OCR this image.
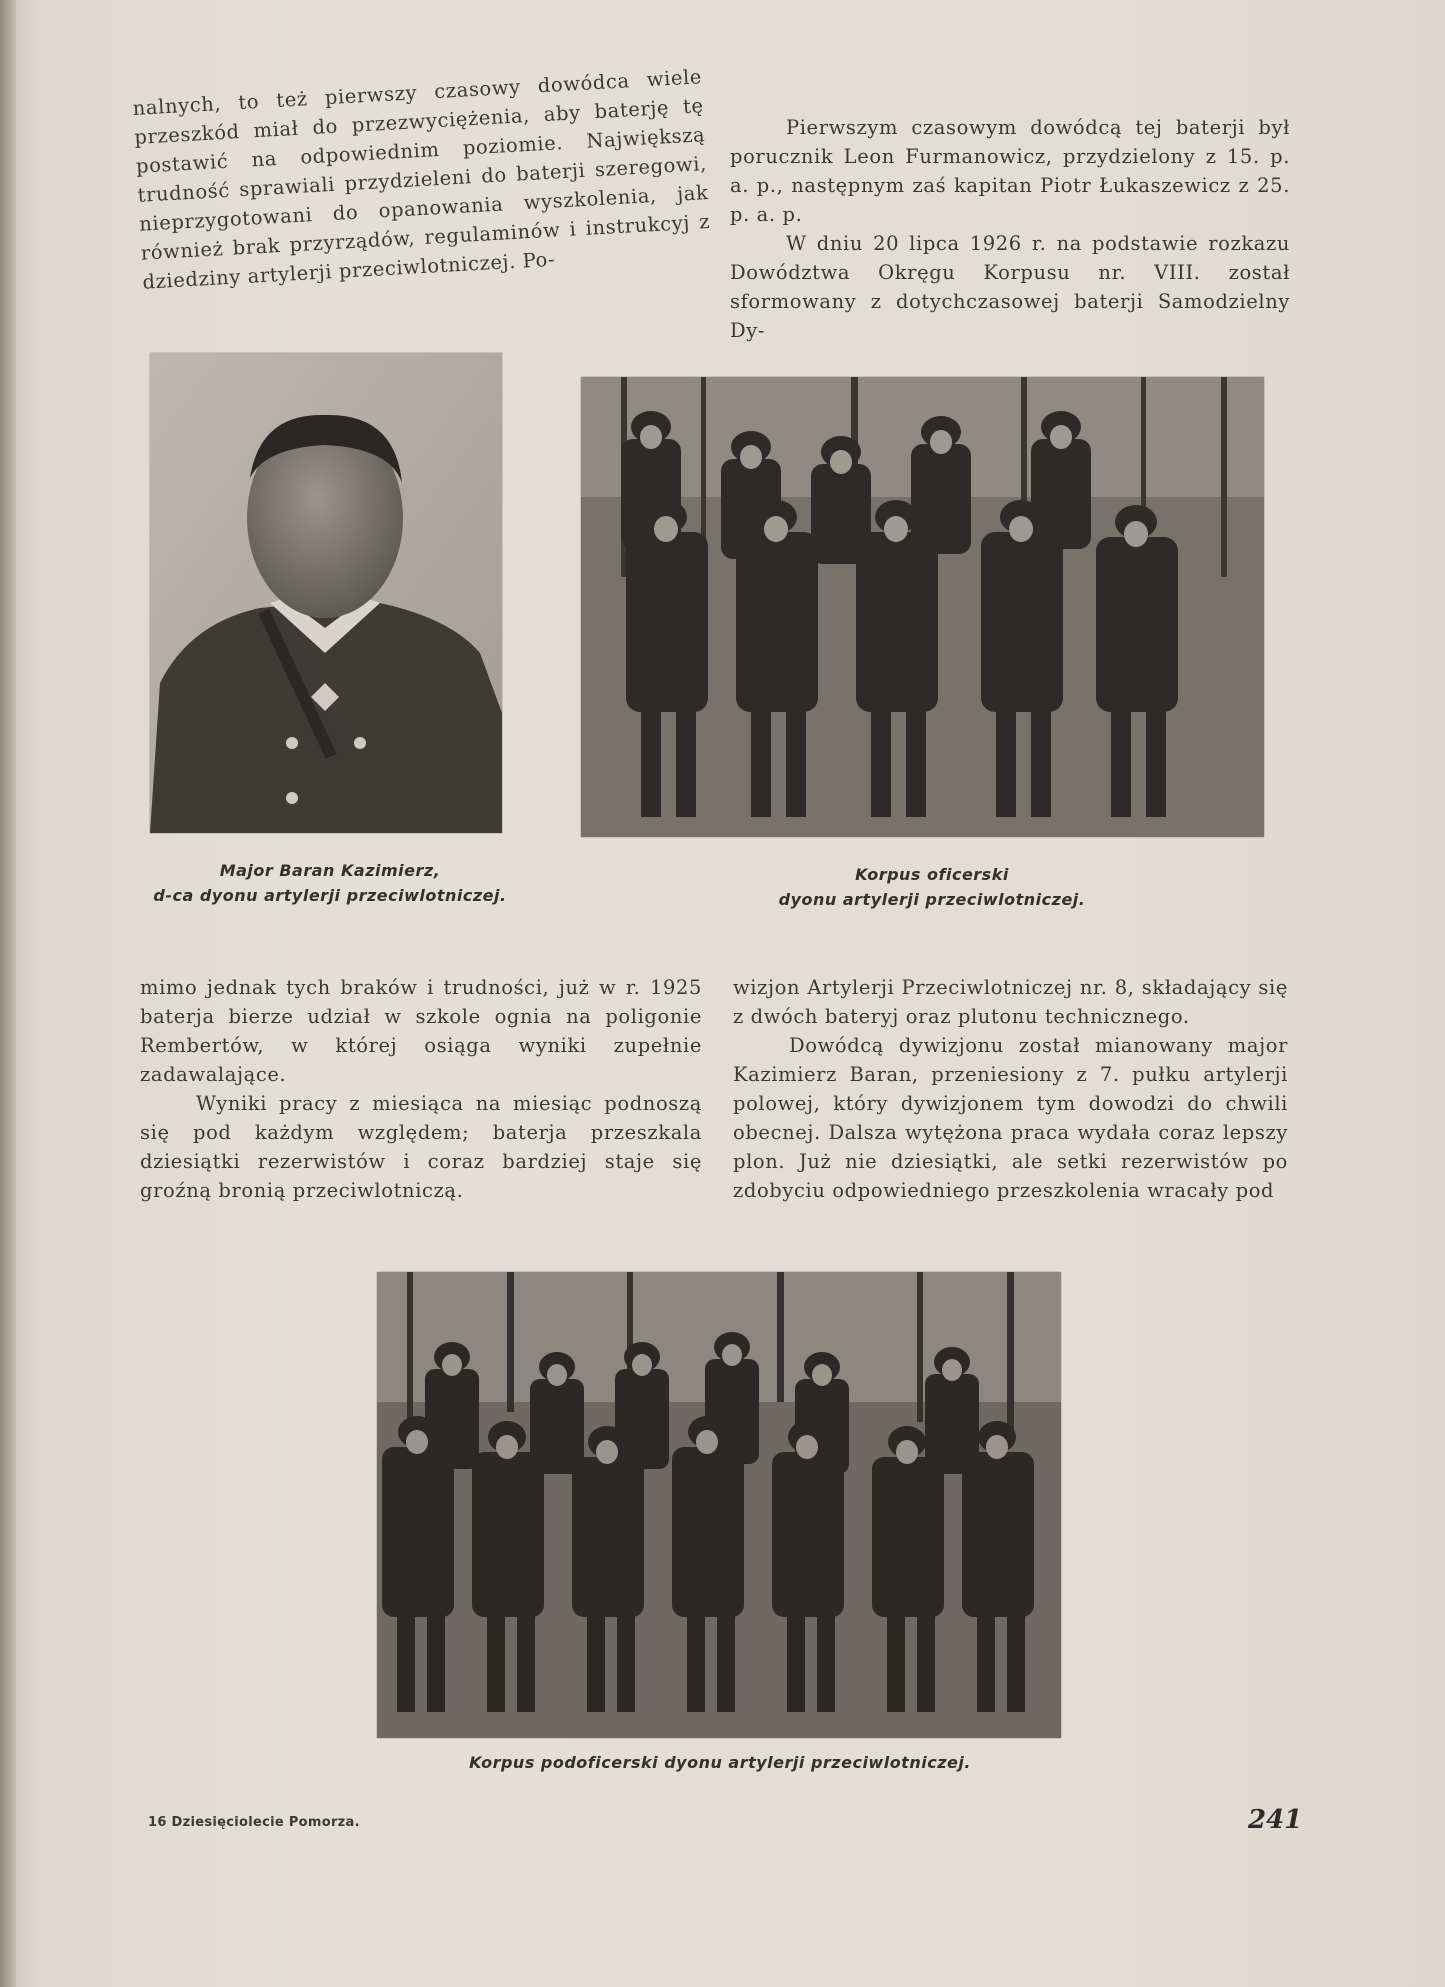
nalnych, to też pierwszy czasowy dowódca wiele przeszkód miał do przezwyciężenia, aby baterję tę postawić na odpowiednim poziomie. Największą trudność sprawiali przydzieleni do baterji szeregowi, nieprzygotowani do opanowania wyszkolenia, jak również brak przyrządów, regulaminów i instrukcyj z dziedziny artylerji przeciwlotniczej. Po-

Pierwszym czasowym dowódcą tej baterji był porucznik Leon Furmanowicz, przydzielony z 15. p. a. p., następnym zaś kapitan Piotr Łukaszewicz z 25. p. a. p.

W dniu 20 lipca 1926 r. na podstawie rozkazu Dowództwa Okręgu Korpusu nr. VIII. został sformowany z dotychczasowej baterji Samodzielny Dy-

Major Baran Kazimierz,
d-ca dyonu artylerji przeciwlotniczej.
Korpus oficerski
dyonu artylerji przeciwlotniczej.

mimo jednak tych braków i trudności, już w r. 1925 baterja bierze udział w szkole ognia na poligonie Rembertów, w której osiąga wyniki zupełnie zadawalające.

Wyniki pracy z miesiąca na miesiąc podnoszą się pod każdym względem; baterja przeszkala dziesiątki rezerwistów i coraz bardziej staje się groźną bronią przeciwlotniczą.

wizjon Artylerji Przeciwlotniczej nr. 8, składający się z dwóch bateryj oraz plutonu technicznego.

Dowódcą dywizjonu został mianowany major Kazimierz Baran, przeniesiony z 7. pułku artylerji polowej, który dywizjonem tym dowodzi do chwili obecnej. Dalsza wytężona praca wydała coraz lepszy plon. Już nie dziesiątki, ale setki rezerwistów po zdobyciu odpowiedniego przeszkolenia wracały pod

Korpus podoficerski dyonu artylerji przeciwlotniczej.
16 Dziesięciolecie Pomorza.	241
